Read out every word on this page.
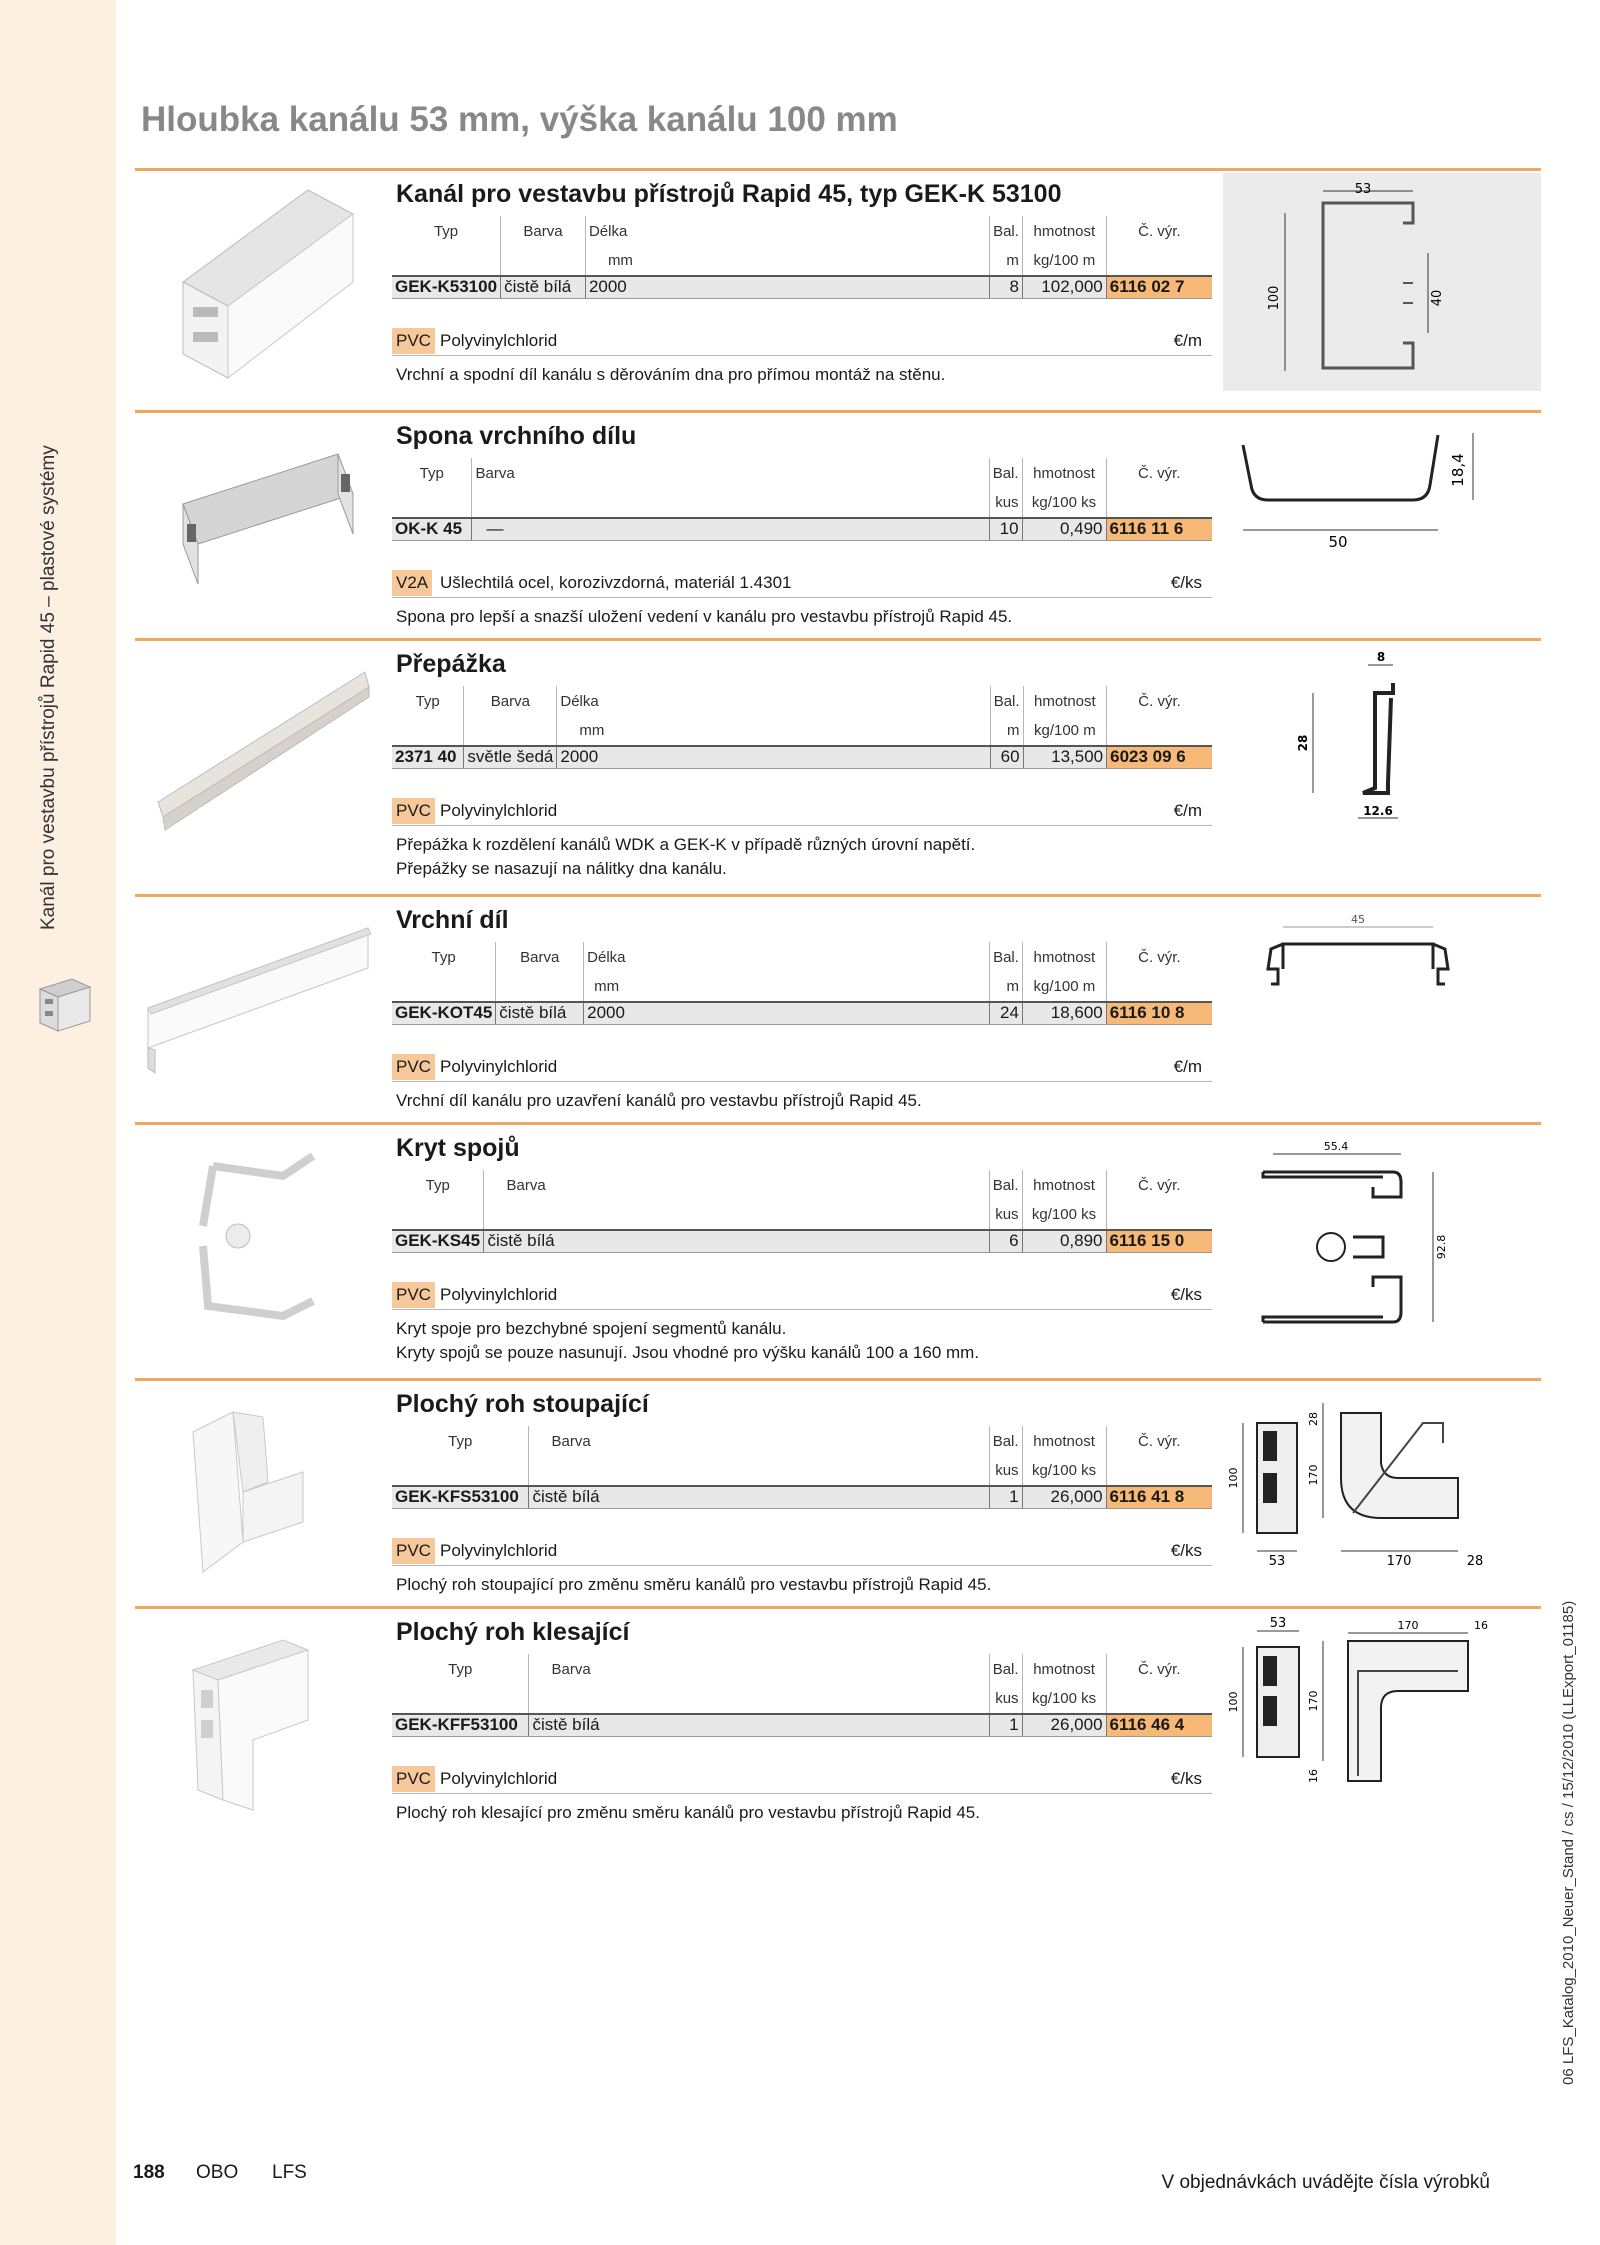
Kanál pro vestavbu přístrojů Rapid 45 – plastové systémy
06 LFS_Katalog_2010_Neuer_Stand / cs / 15/12/2010 (LLExport_01185)
Hloubka kanálu 53 mm, výška kanálu 100 mm
Kanál pro vestavbu přístrojů Rapid 45, typ GEK-K 53100
Typ	Barva	Délka	Bal.	hmotnost	Č. výr.
		mm	m	kg/100 m	
GEK-K53100	čistě bílá	2000	8	102,000	6116 02 7
PVC Polyvinylchlorid	€/m
Vrchní a spodní díl kanálu s děrováním dna pro přímou montáž na stěnu.
53
100	40
Spona vrchního dílu
Typ	Barva	Bal.	hmotnost	Č. výr.
		kus	kg/100 ks	
OK-K 45	—	10	0,490	6116 11 6
V2A Ušlechtilá ocel, korozivzdorná, materiál 1.4301	€/ks
Spona pro lepší a snazší uložení vedení v kanálu pro vestavbu přístrojů Rapid 45.
50
18,4
Přepážka
Typ	Barva	Délka	Bal.	hmotnost	Č. výr.
		mm	m	kg/100 m	
2371 40	světle šedá	2000	60	13,500	6023 09 6
PVC Polyvinylchlorid	€/m
Přepážka k rozdělení kanálů WDK a GEK-K v případě různých úrovní napětí.
Přepážky se nasazují na nálitky dna kanálu.
8
28
12.6
Vrchní díl
Typ	Barva	Délka	Bal.	hmotnost	Č. výr.
		mm	m	kg/100 m	
GEK-KOT45	čistě bílá	2000	24	18,600	6116 10 8
PVC Polyvinylchlorid	€/m
Vrchní díl kanálu pro uzavření kanálů pro vestavbu přístrojů Rapid 45.
45
Kryt spojů
Typ	Barva	Bal.	hmotnost	Č. výr.
		kus	kg/100 ks	
GEK-KS45	čistě bílá	6	0,890	6116 15 0
PVC Polyvinylchlorid	€/ks
Kryt spoje pro bezchybné spojení segmentů kanálu.
Kryty spojů se pouze nasunují. Jsou vhodné pro výšku kanálů 100 a 160 mm.
55.4
92.8
Plochý roh stoupající
Typ	Barva	Bal.	hmotnost	Č. výr.
		kus	kg/100 ks	
GEK-KFS53100	čistě bílá	1	26,000	6116 41 8
PVC Polyvinylchlorid	€/ks
Plochý roh stoupající pro změnu směru kanálů pro vestavbu přístrojů Rapid 45.
100
53
28
170
170	28
Plochý roh klesající
Typ	Barva	Bal.	hmotnost	Č. výr.
		kus	kg/100 ks	
GEK-KFF53100	čistě bílá	1	26,000	6116 46 4
PVC Polyvinylchlorid	€/ks
Plochý roh klesající pro změnu směru kanálů pro vestavbu přístrojů Rapid 45.
53
100
170	16
170
16
188 OBO LFS	V objednávkách uvádějte čísla výrobků
